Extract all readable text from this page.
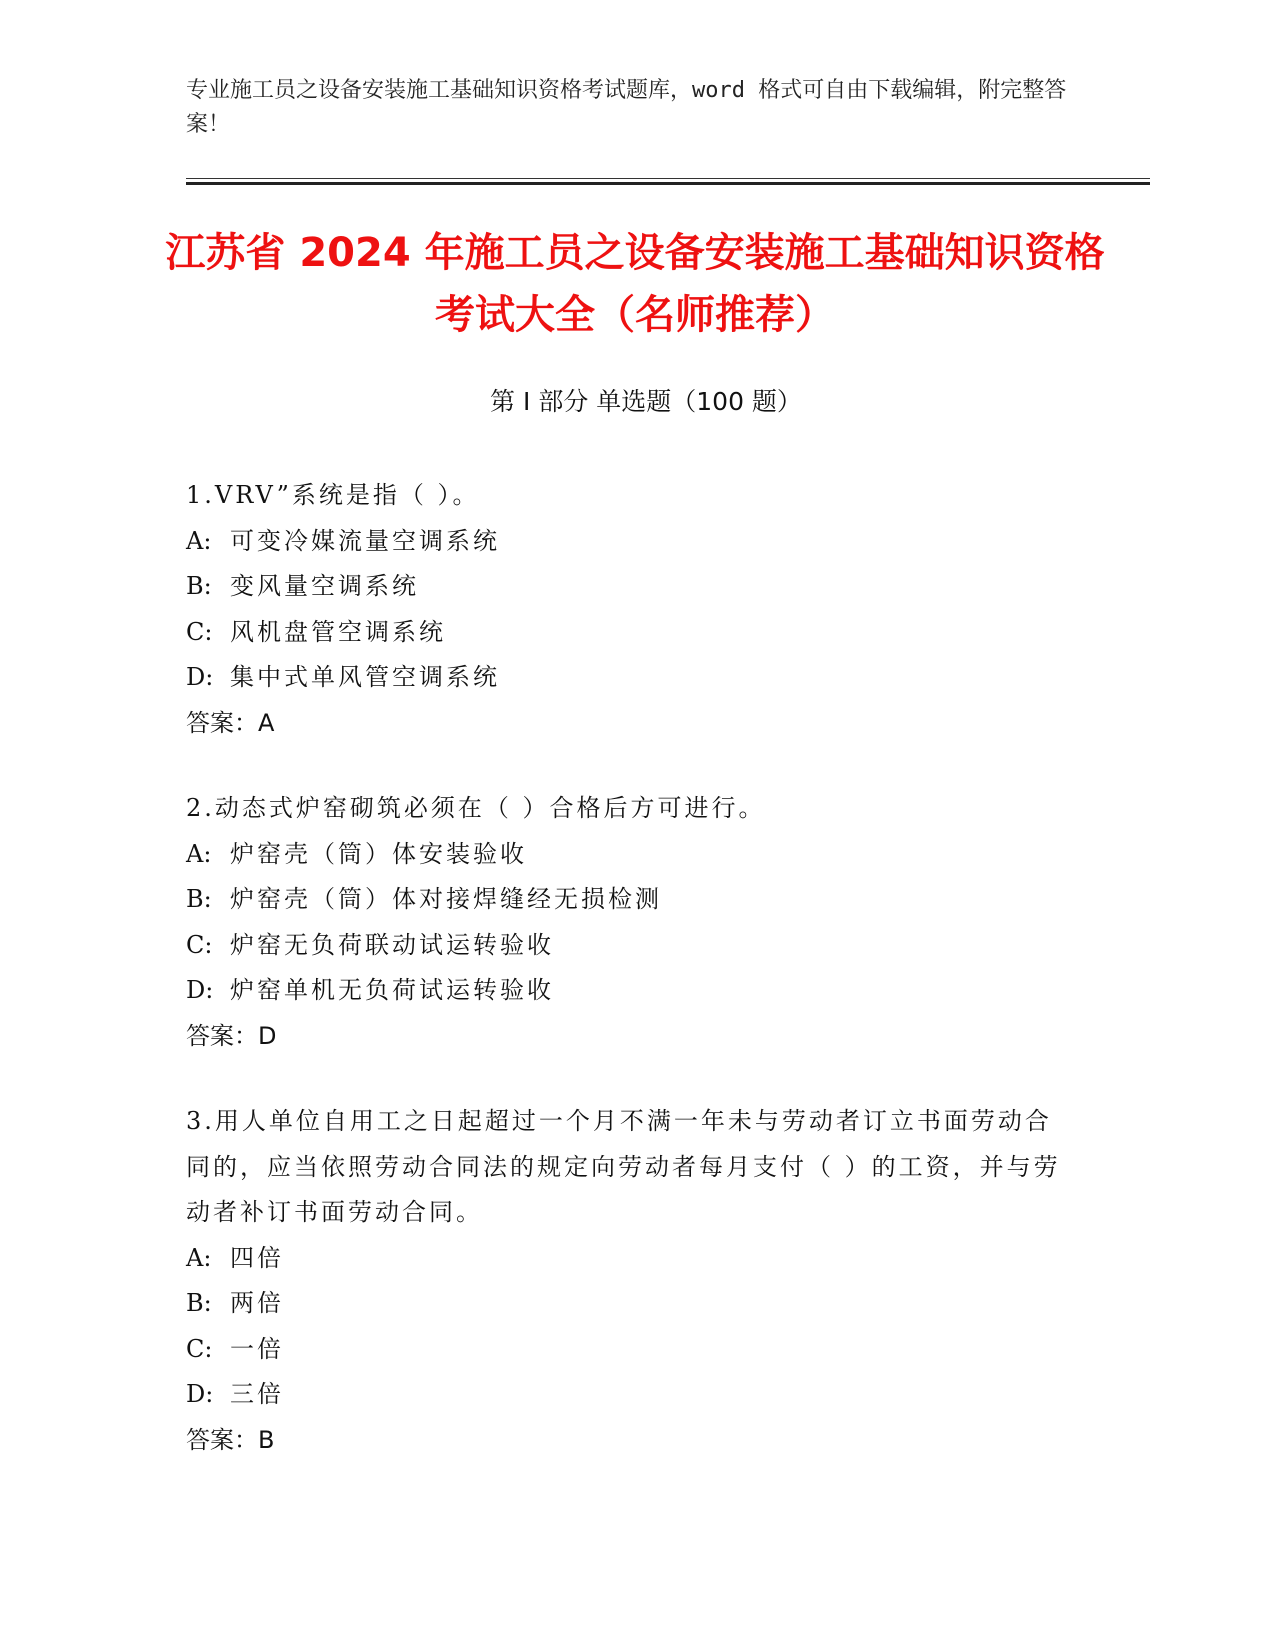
专业施工员之设备安装施工基础知识资格考试题库，word 格式可自由下载编辑，附完整答案！
江苏省 2024 年施工员之设备安装施工基础知识资格考试大全（名师推荐）
第 I 部分 单选题（100 题）
1.VRV”系统是指（ ）。
A: 可变冷媒流量空调系统
B: 变风量空调系统
C: 风机盘管空调系统
D: 集中式单风管空调系统
答案：A
2.动态式炉窑砌筑必须在（ ）合格后方可进行。
A: 炉窑壳（筒）体安装验收
B: 炉窑壳（筒）体对接焊缝经无损检测
C: 炉窑无负荷联动试运转验收
D: 炉窑单机无负荷试运转验收
答案：D
3.用人单位自用工之日起超过一个月不满一年未与劳动者订立书面劳动合同的，应当依照劳动合同法的规定向劳动者每月支付（ ）的工资，并与劳动者补订书面劳动合同。
A: 四倍
B: 两倍
C: 一倍
D: 三倍
答案：B
